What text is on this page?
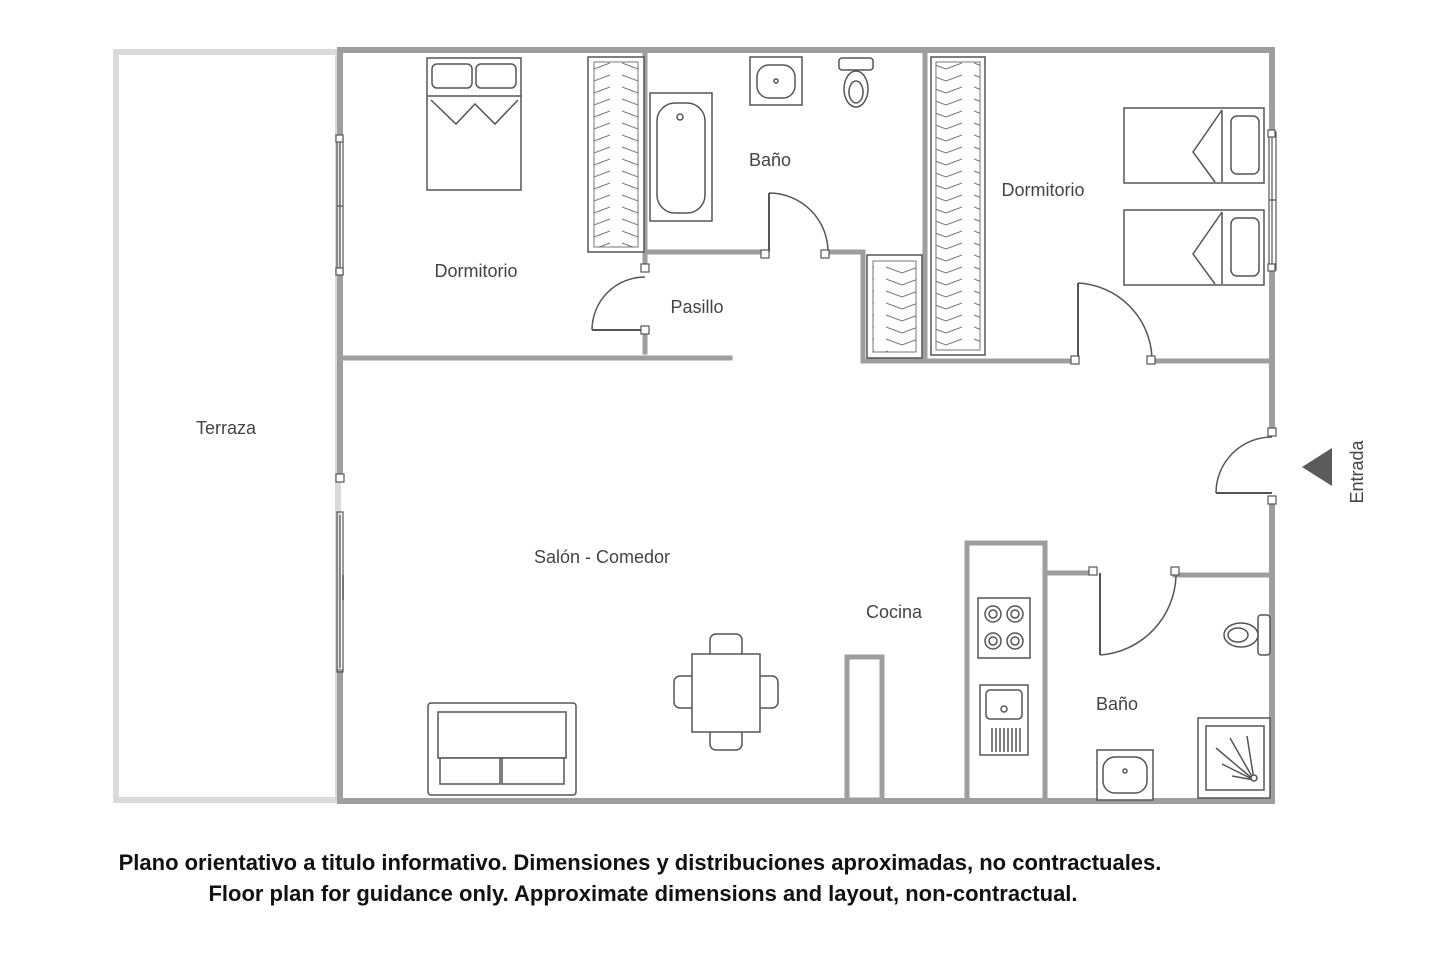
Entrada
Terraza
Dormitorio
Baño
Pasillo
Dormitorio
Salón - Comedor
Cocina
Baño
Plano orientativo a titulo informativo. Dimensiones y distribuciones aproximadas, no contractuales.
Floor plan for guidance only. Approximate dimensions and layout, non-contractual.
